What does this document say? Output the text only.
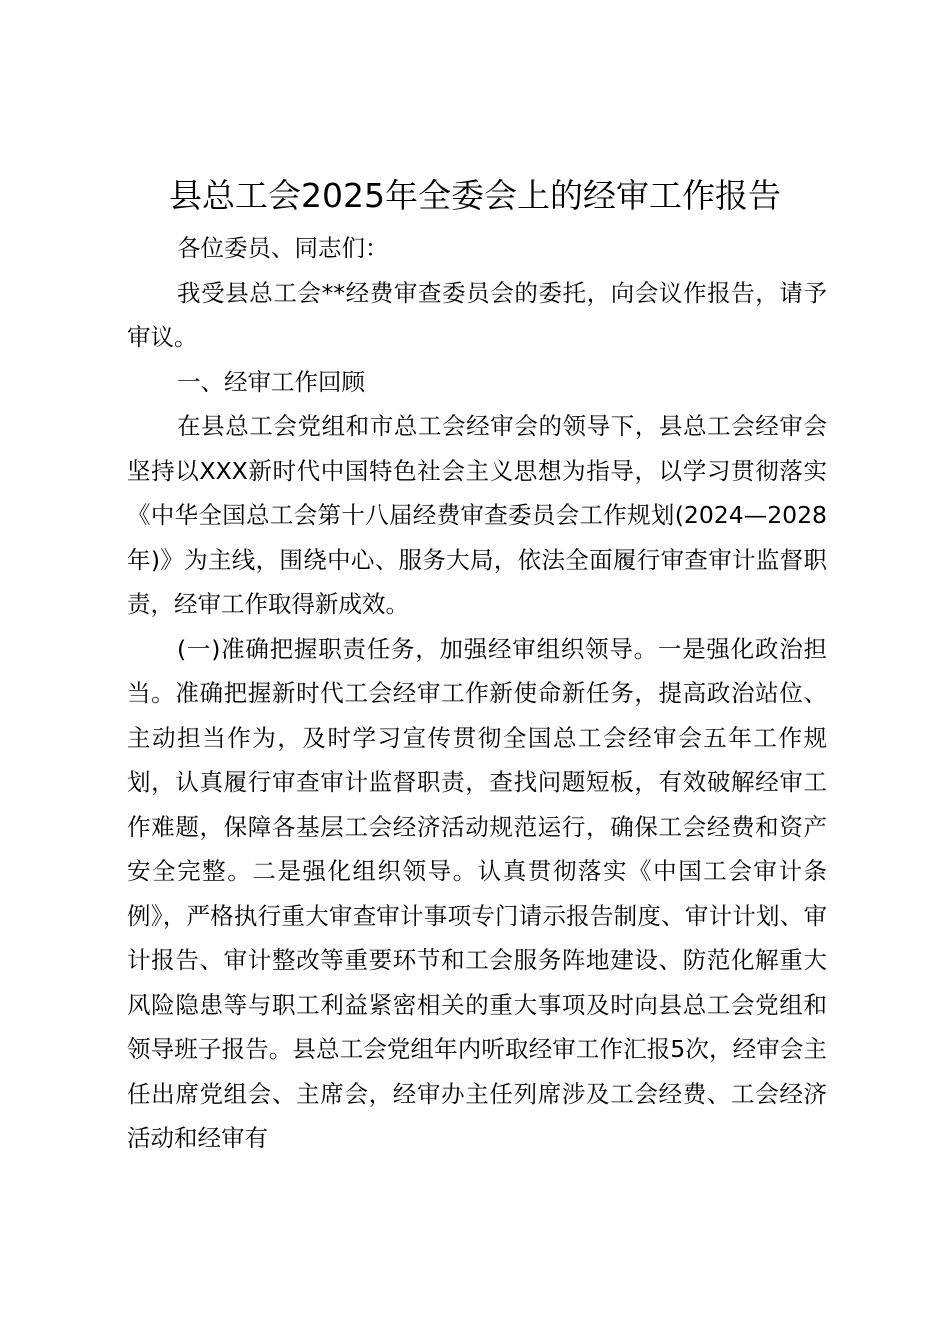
县总工会2025年全委会上的经审工作报告

各位委员、同志们：

我受县总工会**经费审查委员会的委托，向会议作报告，请予审议。

一、经审工作回顾

在县总工会党组和市总工会经审会的领导下，县总工会经审会坚持以XXX新时代中国特色社会主义思想为指导，以学习贯彻落实《中华全国总工会第十八届经费审查委员会工作规划(2024—2028年)》为主线，围绕中心、服务大局，依法全面履行审查审计监督职责，经审工作取得新成效。

(一)准确把握职责任务，加强经审组织领导。一是强化政治担当。准确把握新时代工会经审工作新使命新任务，提高政治站位、主动担当作为，及时学习宣传贯彻全国总工会经审会五年工作规划，认真履行审查审计监督职责，查找问题短板，有效破解经审工作难题，保障各基层工会经济活动规范运行，确保工会经费和资产安全完整。二是强化组织领导。认真贯彻落实《中国工会审计条例》，严格执行重大审查审计事项专门请示报告制度、审计计划、审计报告、审计整改等重要环节和工会服务阵地建设、防范化解重大风险隐患等与职工利益紧密相关的重大事项及时向县总工会党组和领导班子报告。县总工会党组年内听取经审工作汇报5次，经审会主任出席党组会、主席会，经审办主任列席涉及工会经费、工会经济活动和经审有
